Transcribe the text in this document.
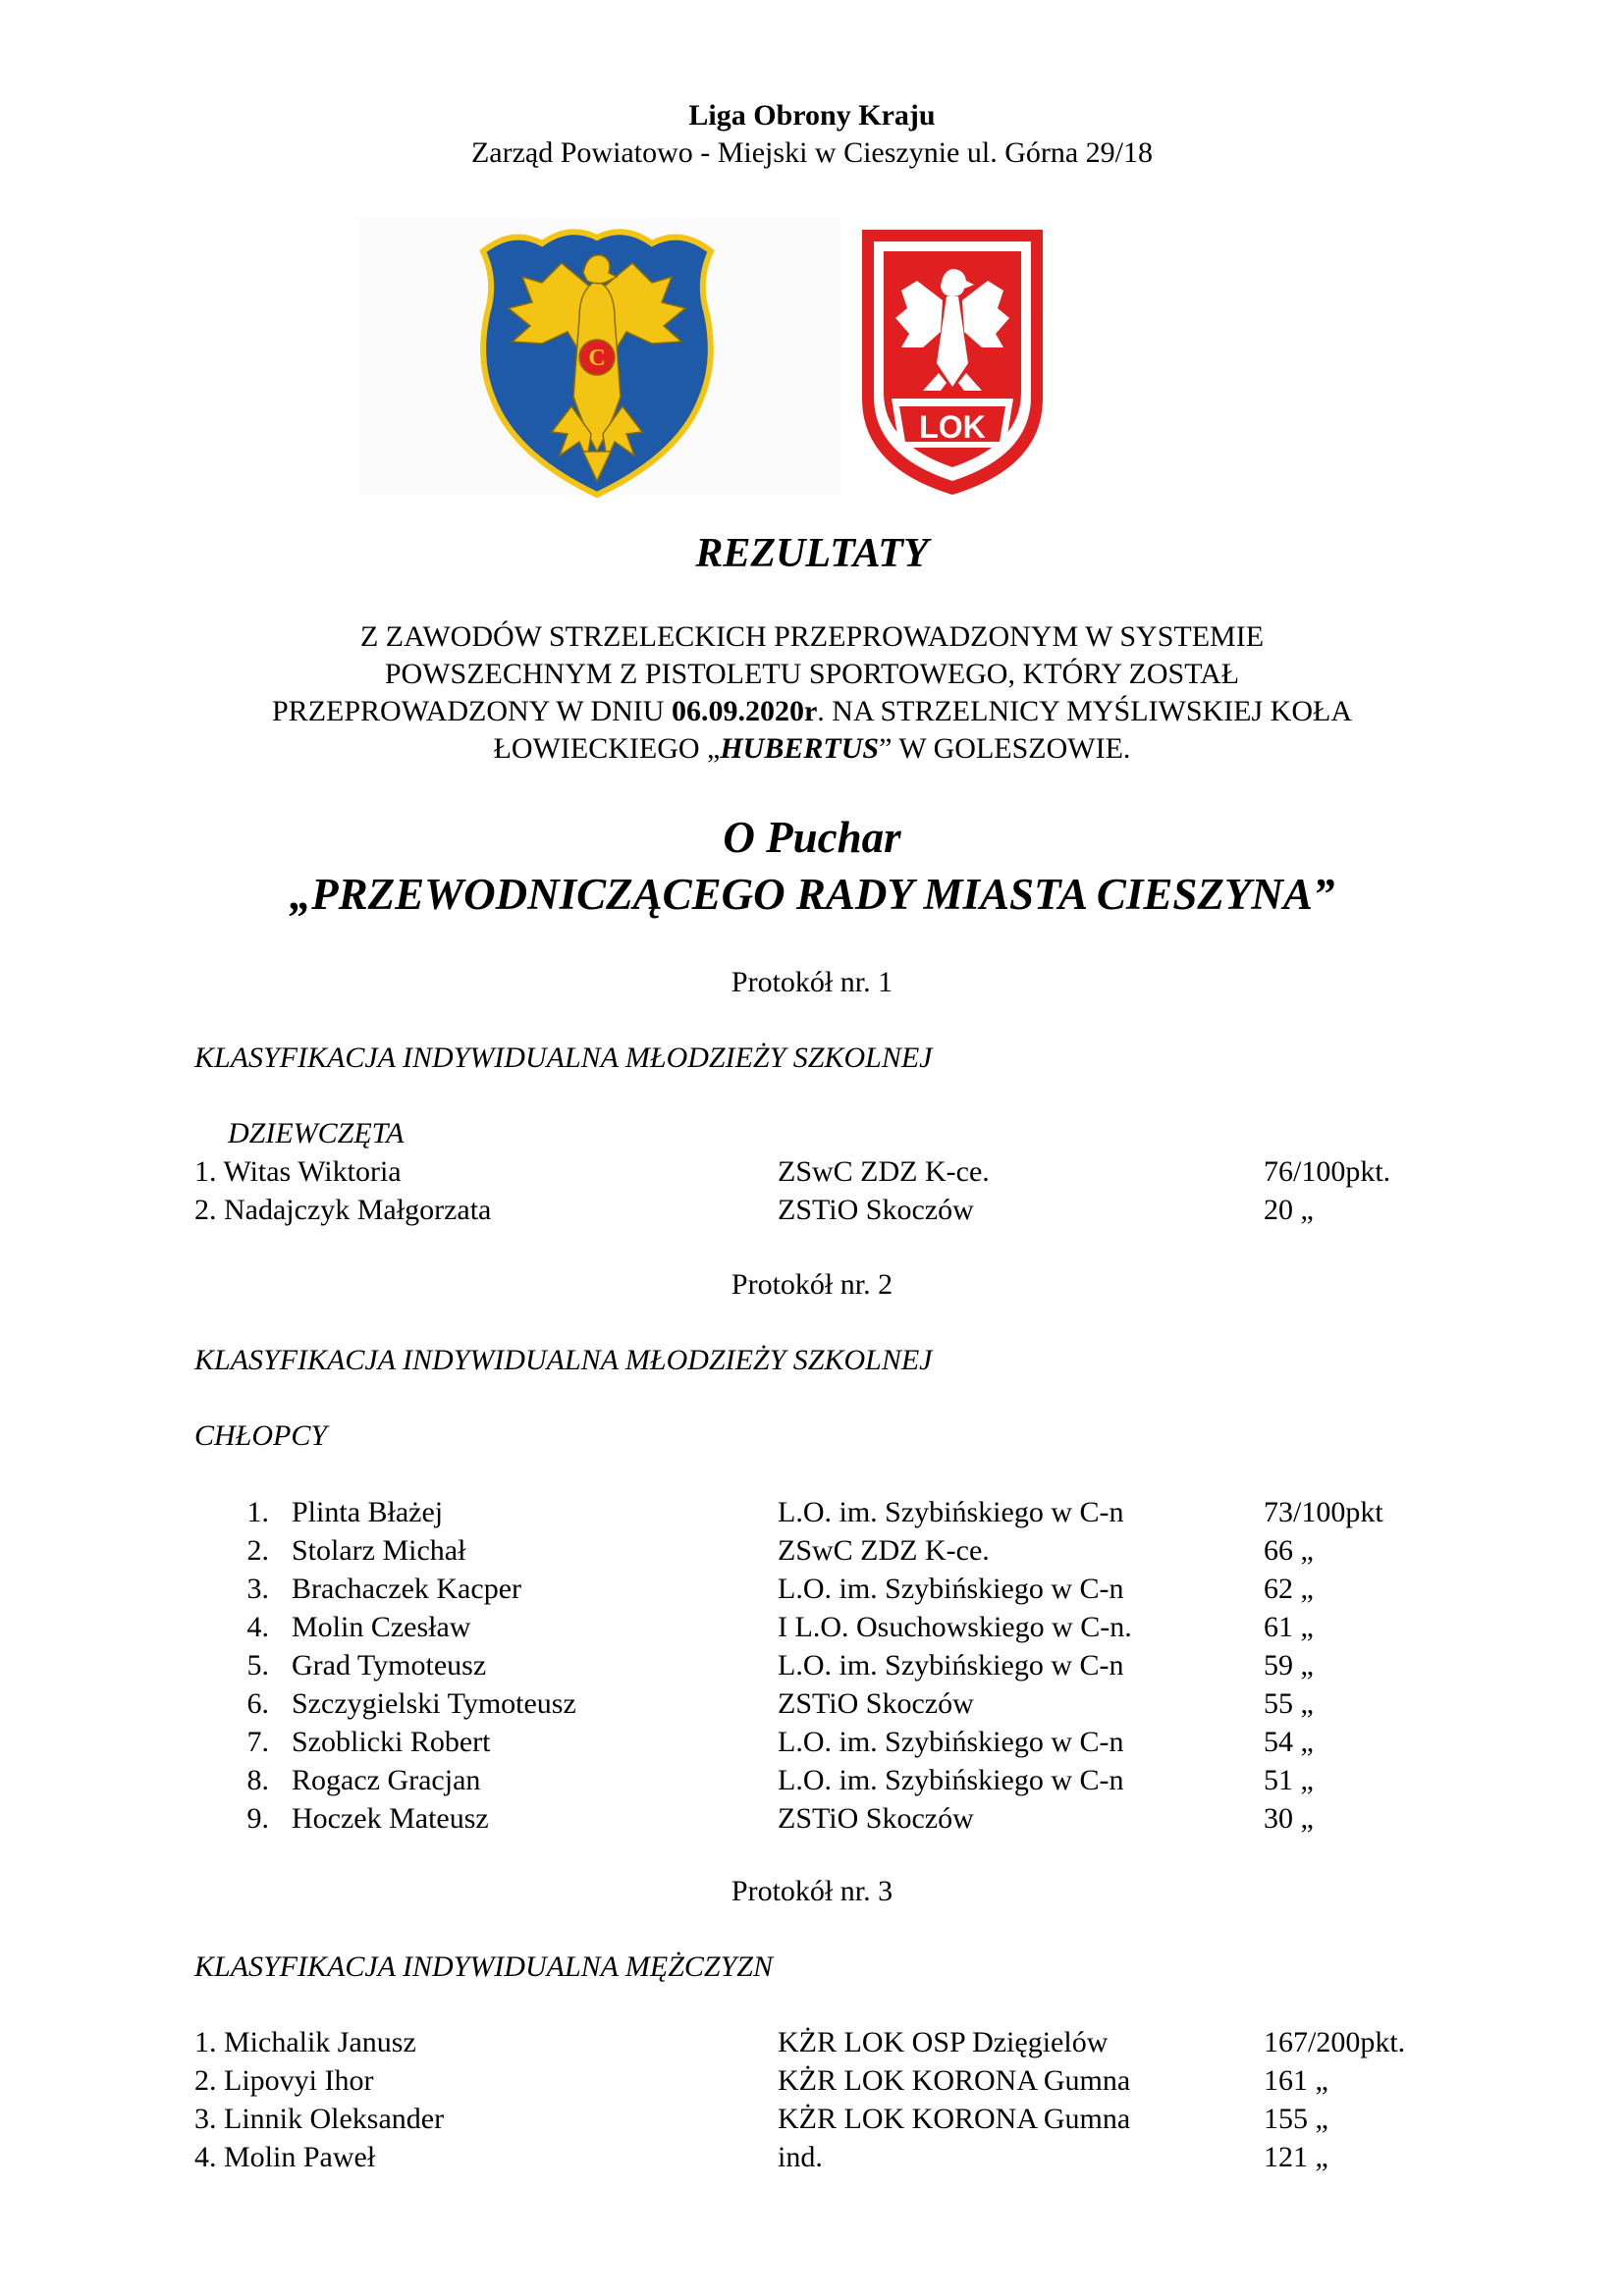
Liga Obrony Kraju
Zarząd Powiatowo - Miejski w Cieszynie ul. Górna 29/18
C
LOK
REZULTATY

Z ZAWODÓW STRZELECKICH PRZEPROWADZONYM W SYSTEMIE

POWSZECHNYM Z PISTOLETU SPORTOWEGO, KTÓRY ZOSTAŁ

PRZEPROWADZONY W DNIU 06.09.2020r. NA STRZELNICY MYŚLIWSKIEJ KOŁA

ŁOWIECKIEGO „HUBERTUS” W GOLESZOWIE.

O Puchar
„PRZEWODNICZĄCEGO RADY MIASTA CIESZYNA”
Protokół nr. 1
KLASYFIKACJA INDYWIDUALNA MŁODZIEŻY SZKOLNEJ
DZIEWCZĘTA
1. Witas Wiktoria	ZSwC ZDZ K-ce.	76/100pkt.
2. Nadajczyk Małgorzata	ZSTiO Skoczów	20 „
Protokół nr. 2
KLASYFIKACJA INDYWIDUALNA MŁODZIEŻY SZKOLNEJ
CHŁOPCY
1. Plinta Błażej	L.O. im. Szybińskiego w C-n	73/100pkt
2. Stolarz Michał	ZSwC ZDZ K-ce.	66 „
3. Brachaczek Kacper	L.O. im. Szybińskiego w C-n	62 „
4. Molin Czesław	I L.O. Osuchowskiego w C-n.	61 „
5. Grad Tymoteusz	L.O. im. Szybińskiego w C-n	59 „
6. Szczygielski Tymoteusz	ZSTiO Skoczów	55 „
7. Szoblicki Robert	L.O. im. Szybińskiego w C-n	54 „
8. Rogacz Gracjan	L.O. im. Szybińskiego w C-n	51 „
9. Hoczek Mateusz	ZSTiO Skoczów	30 „
Protokół nr. 3
KLASYFIKACJA INDYWIDUALNA MĘŻCZYZN
1. Michalik Janusz	KŻR LOK OSP Dzięgielów	167/200pkt.
2. Lipovyi Ihor	KŻR LOK KORONA Gumna	161 „
3. Linnik Oleksander	KŻR LOK KORONA Gumna	155 „
4. Molin Paweł	ind.	121 „
